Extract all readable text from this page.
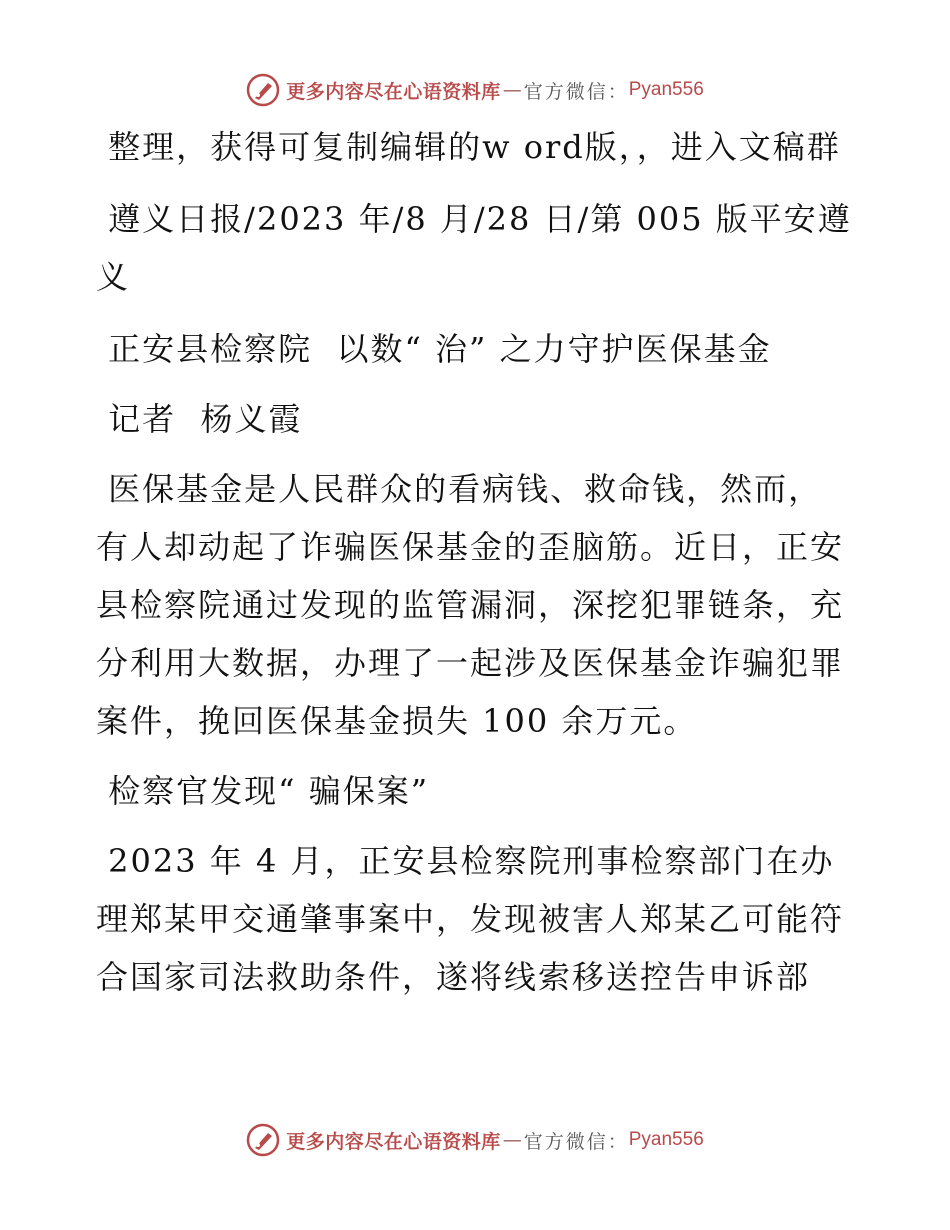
更多内容尽在心语资料库 — 官方微信： Pyan556

整理，获得可复制编辑的w ord版，，进入文稿群

遵义日报/2023 年/8 月/28 日/第 005 版平安遵义

正安县检察院  以数“ 治” 之力守护医保基金

记者  杨义霞

医保基金是人民群众的看病钱、救命钱，然而，有人却动起了诈骗医保基金的歪脑筋。近日，正安县检察院通过发现的监管漏洞，深挖犯罪链条，充分利用大数据，办理了一起涉及医保基金诈骗犯罪案件，挽回医保基金损失 100 余万元。

检察官发现“ 骗保案”

2023 年 4 月，正安县检察院刑事检察部门在办理郑某甲交通肇事案中，发现被害人郑某乙可能符合国家司法救助条件，遂将线索移送控告申诉部

更多内容尽在心语资料库 — 官方微信： Pyan556
